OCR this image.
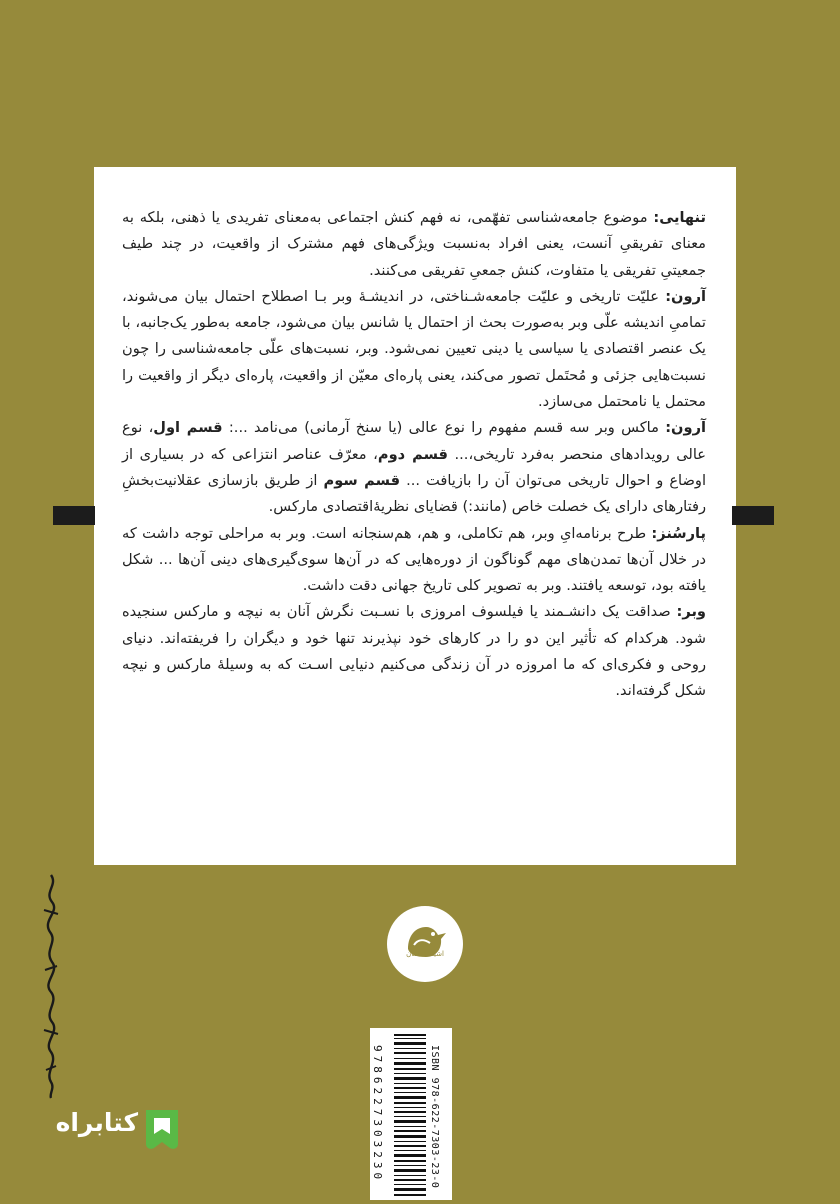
تنهایی: موضوع جامعه‌شناسی تفهّمی، نه فهم کنش اجتماعی به‌معنای تفریدی یا ذهنی، بلکه به معنای تفریقیِ آنست، یعنی افراد به‌نسبت ویژگی‌های فهم مشترک از واقعیت، در چند طیف جمعیتیِ تفریقی یا متفاوت، کنش جمعیِ تفریقی می‌کنند.

آرون: علیّت تاریخی و علیّت جامعه‌شـناختی، در اندیشـۀ وبر بـا اصطلاح احتمال بیان می‌شوند، تمامیِ اندیشه علّی وبر به‌صورت بحث از احتمال یا شانس بیان می‌شود، جامعه به‌طور یک‌جانبه، با یک عنصر اقتصادی یا سیاسی یا دینی تعیین نمی‌شود. وبر، نسبت‌های علّی جامعه‌شناسی را چون نسبت‌هایی جزئی و مُحتَمل تصور می‌کند، یعنی پاره‌ای معیّن از واقعیت، پاره‌ای دیگر از واقعیت را محتمل یا نامحتمل می‌سازد.

آرون: ماکس وبر سه قسم مفهوم را نوع عالی (یا سنخ آرمانی) می‌نامد ...: قسم اول، نوع عالی رویدادهای منحصر به‌فرد تاریخی،... قسم دوم، معرّف عناصر انتزاعی که در بسیاری از اوضاع و احوال تاریخی می‌توان آن را بازیافت ... قسم سوم از طریق بازسازی عقلانیت‌بخشِ رفتارهای دارای یک خصلت خاص (مانند:) قضایای نظریۀاقتصادی مارکس.

پارسُنز: طرح برنامه‌ایِ وبر، هم تکاملی، و هم، هم‌سنجانه است. وبر به مراحلی توجه داشت که در خلال آن‌ها تمدن‌های مهم گوناگون از دوره‌هایی که در آن‌ها سوی‌گیری‌های دینی آن‌ها ... شکل یافته بود، توسعه یافتند. وبر به تصویر کلی تاریخ جهانی دقت داشت.

وبر: صداقت یک دانشـمند یا فیلسوف امروزی با نسـبت نگرش آنان به نیچه و مارکس سنجیده شود. هرکدام که تأثیر این دو را در کارهای خود نپذیرند تنها خود و دیگران را فریفته‌اند. دنیای روحی و فکری‌ای که ما امروزه در آن زندگی می‌کنیم دنیایی اسـت که به وسیلۀ مارکس و نیچه شکل گرفته‌اند.

اشیته احسان
9786227303230	ISBN 978-622-7303-23-0
کتابراه
